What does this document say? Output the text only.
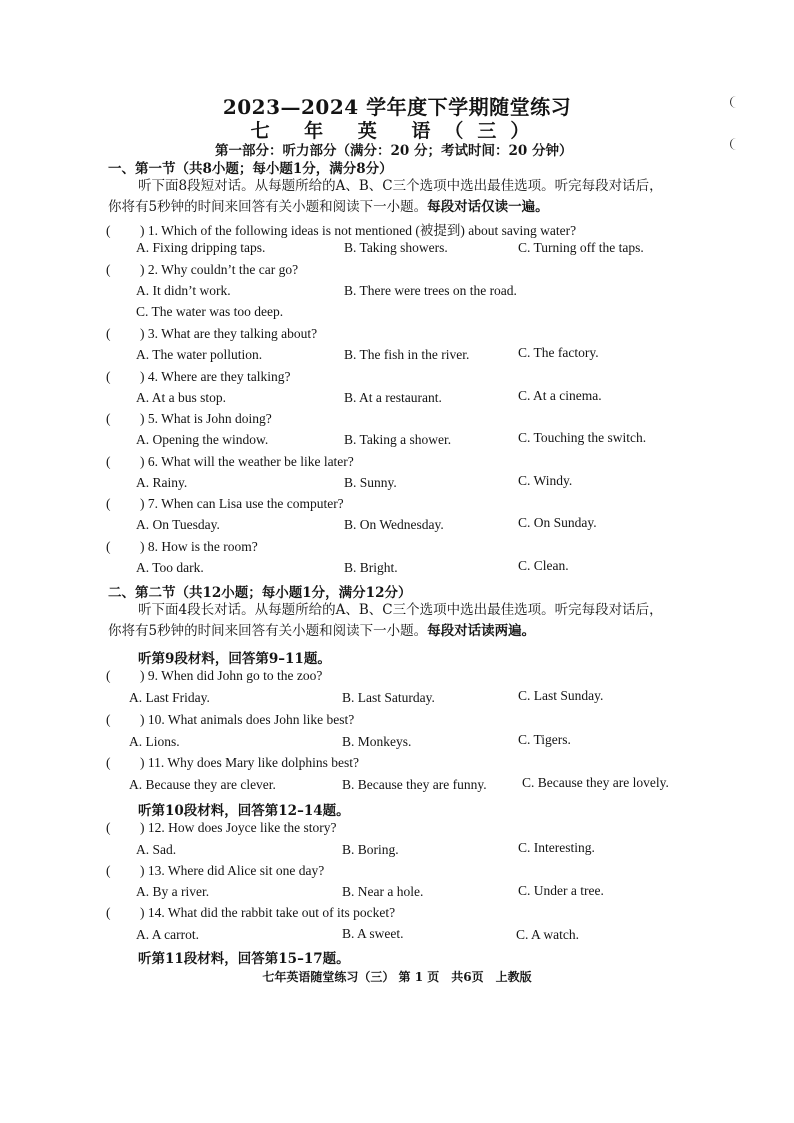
2023—2024 学年度下学期随堂练习
七 年 英 语（三）
第一部分：听力部分（满分：20 分；考试时间：20 分钟）
一、第一节（共8小题；每小题1分，满分8分）
听下面8段短对话。从每题所给的A、B、C三个选项中选出最佳选项。听完每段对话后，
你将有5秒钟的时间来回答有关小题和阅读下一小题。每段对话仅读一遍。
( ) 1. Which of the following ideas is not mentioned (被提到) about saving water?
A. Fixing dripping taps.	B. Taking showers.	C. Turning off the taps.
( ) 2. Why couldn’t the car go?
A. It didn’t work.	B. There were trees on the road.
C. The water was too deep.
( ) 3. What are they talking about?
A. The water pollution.	B. The fish in the river.	C. The factory.
( ) 4. Where are they talking?
A. At a bus stop.	B. At a restaurant.	C. At a cinema.
( ) 5. What is John doing?
A. Opening the window.	B. Taking a shower.	C. Touching the switch.
( ) 6. What will the weather be like later?
A. Rainy.	B. Sunny.	C. Windy.
( ) 7. When can Lisa use the computer?
A. On Tuesday.	B. On Wednesday.	C. On Sunday.
( ) 8. How is the room?
A. Too dark.	B. Bright.	C. Clean.
二、第二节（共12小题；每小题1分，满分12分）
听下面4段长对话。从每题所给的A、B、C三个选项中选出最佳选项。听完每段对话后，
你将有5秒钟的时间来回答有关小题和阅读下一小题。每段对话读两遍。
听第9段材料，回答第9–11题。
( ) 9. When did John go to the zoo?
A. Last Friday.	B. Last Saturday.	C. Last Sunday.
( ) 10. What animals does John like best?
A. Lions.	B. Monkeys.	C. Tigers.
( ) 11. Why does Mary like dolphins best?
A. Because they are clever.	B. Because they are funny.	C. Because they are lovely.
听第10段材料，回答第12–14题。
( ) 12. How does Joyce like the story?
A. Sad.	B. Boring.	C. Interesting.
( ) 13. Where did Alice sit one day?
A. By a river.	B. Near a hole.	C. Under a tree.
( ) 14. What did the rabbit take out of its pocket?
A. A carrot.	B. A sweet.	C. A watch.
听第11段材料，回答第15–17题。
七年英语随堂练习（三） 第 1 页　共6页　上教版
